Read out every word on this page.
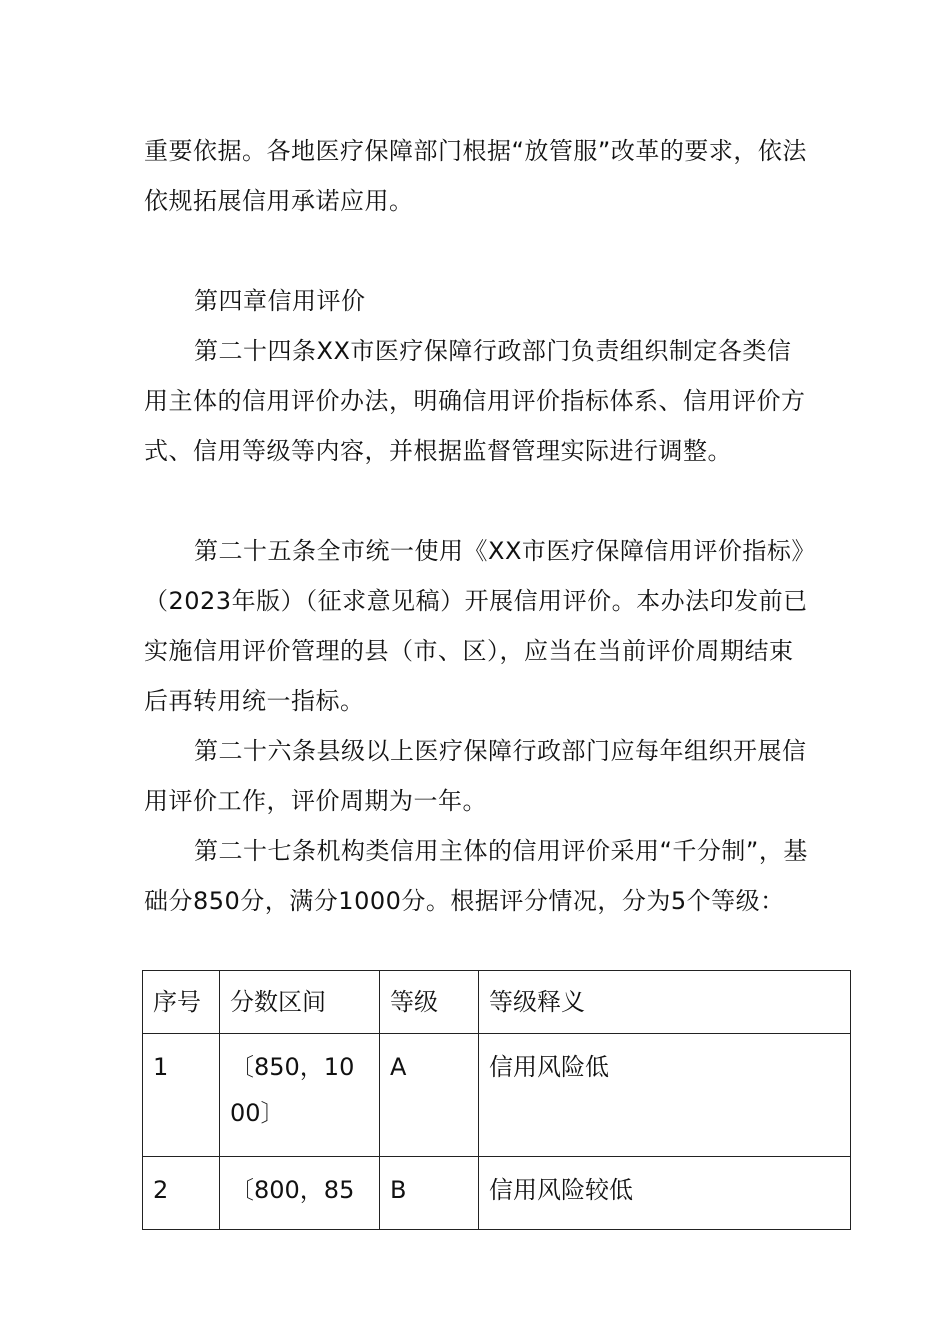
重要依据。各地医疗保障部门根据“放管服”改革的要求，依法依规拓展信用承诺应用。

第四章信用评价

第二十四条XX市医疗保障行政部门负责组织制定各类信用主体的信用评价办法，明确信用评价指标体系、信用评价方式、信用等级等内容，并根据监督管理实际进行调整。

第二十五条全市统一使用《XX市医疗保障信用评价指标》（2023年版）（征求意见稿）开展信用评价。本办法印发前已实施信用评价管理的县（市、区），应当在当前评价周期结束后再转用统一指标。

第二十六条县级以上医疗保障行政部门应每年组织开展信用评价工作，评价周期为一年。

第二十七条机构类信用主体的信用评价采用“千分制”，基础分850分，满分1000分。根据评分情况，分为5个等级：

序号	分数区间	等级	等级释义
1	〔850，1000〕	A	信用风险低
2	〔800，85	B	信用风险较低
